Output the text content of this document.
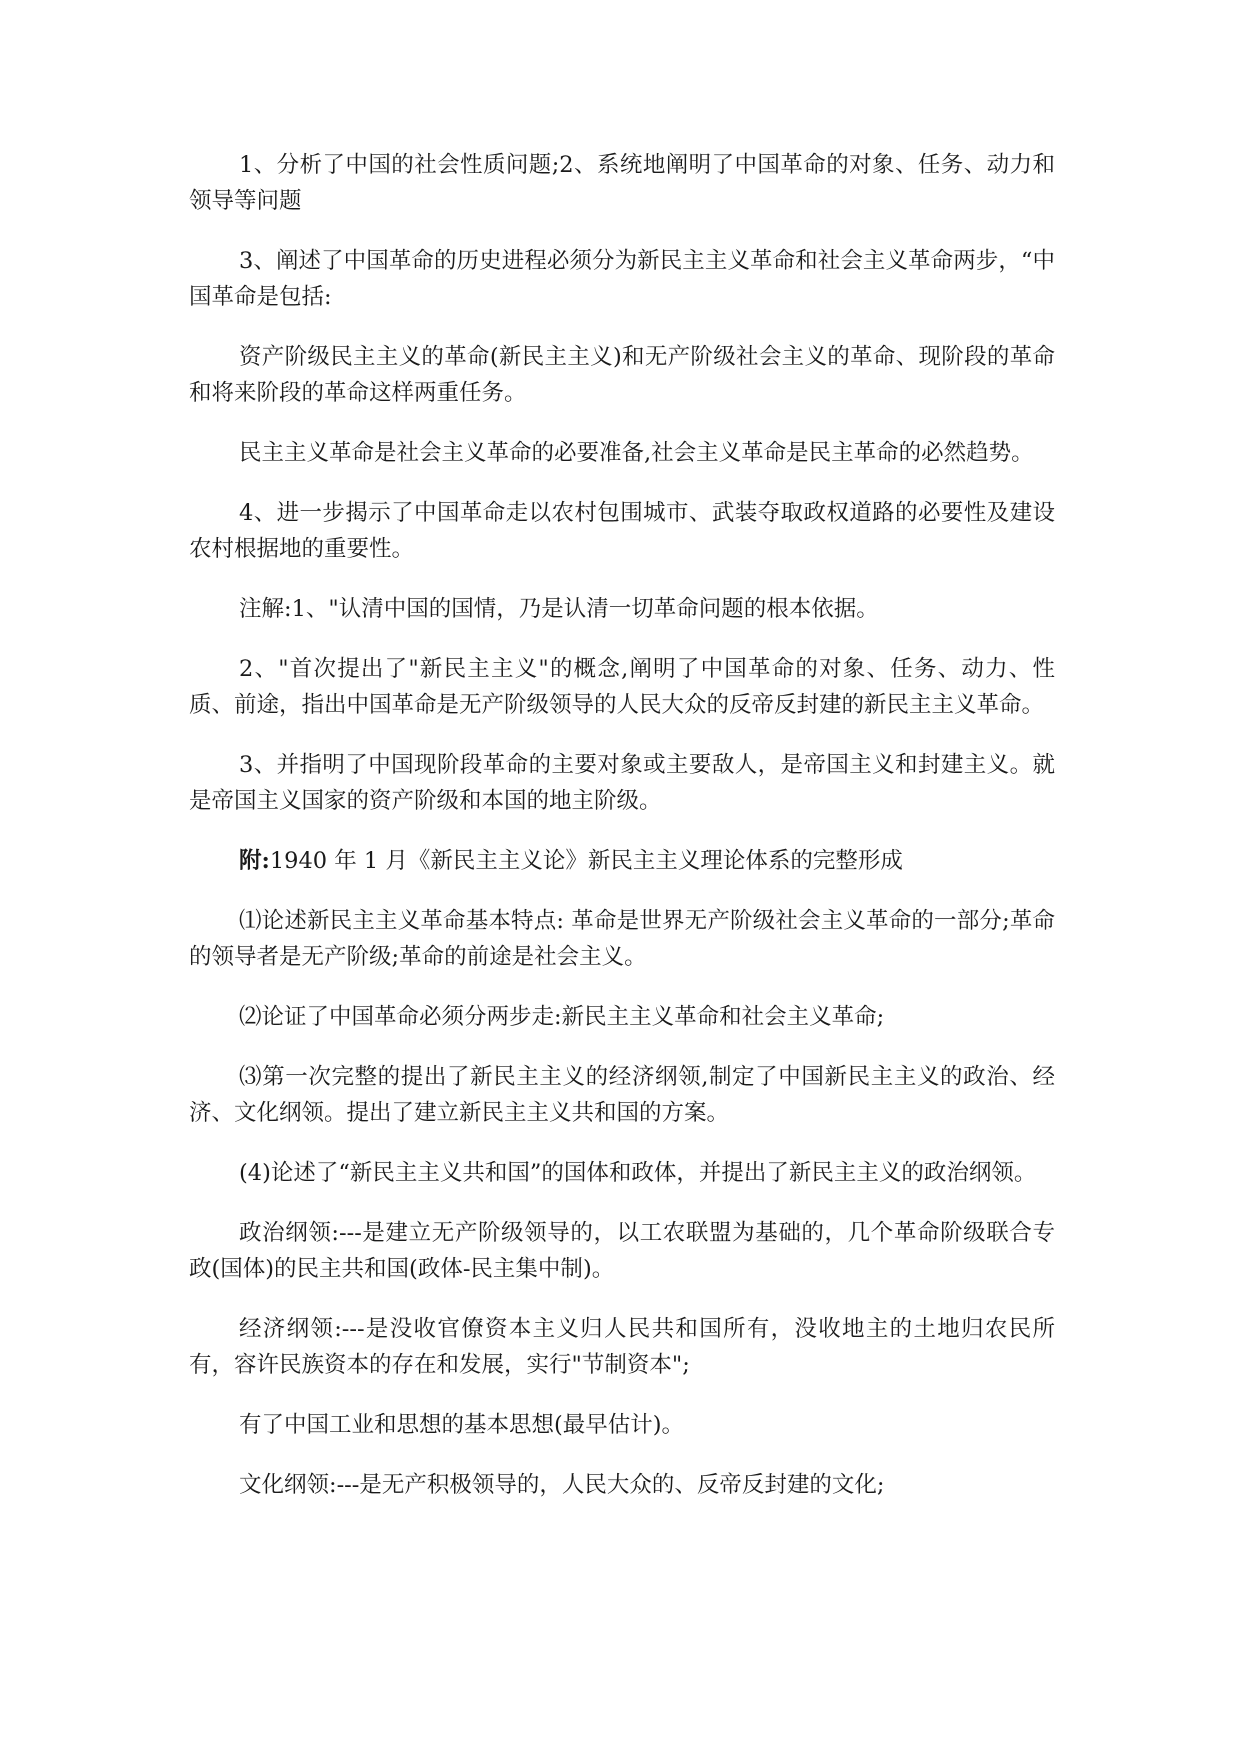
1、分析了中国的社会性质问题;2、系统地阐明了中国革命的对象、任务、动力和领导等问题

3、阐述了中国革命的历史进程必须分为新民主主义革命和社会主义革命两步，“中国革命是包括:

资产阶级民主主义的革命(新民主主义)和无产阶级社会主义的革命、现阶段的革命和将来阶段的革命这样两重任务。

民主主义革命是社会主义革命的必要准备,社会主义革命是民主革命的必然趋势。

4、进一步揭示了中国革命走以农村包围城市、武装夺取政权道路的必要性及建设农村根据地的重要性。

注解:1、"认清中国的国情，乃是认清一切革命问题的根本依据。

2、"首次提出了"新民主主义"的概念,阐明了中国革命的对象、任务、动力、性质、前途，指出中国革命是无产阶级领导的人民大众的反帝反封建的新民主主义革命。

3、并指明了中国现阶段革命的主要对象或主要敌人，是帝国主义和封建主义。就是帝国主义国家的资产阶级和本国的地主阶级。

附:1940 年 1 月《新民主主义论》新民主主义理论体系的完整形成

⑴论述新民主主义革命基本特点: 革命是世界无产阶级社会主义革命的一部分;革命的领导者是无产阶级;革命的前途是社会主义。

⑵论证了中国革命必须分两步走:新民主主义革命和社会主义革命;

⑶第一次完整的提出了新民主主义的经济纲领,制定了中国新民主主义的政治、经济、文化纲领。提出了建立新民主主义共和国的方案。

(4)论述了“新民主主义共和国”的国体和政体，并提出了新民主主义的政治纲领。

政治纲领:---是建立无产阶级领导的，以工农联盟为基础的，几个革命阶级联合专政(国体)的民主共和国(政体-民主集中制)。

经济纲领:---是没收官僚资本主义归人民共和国所有，没收地主的土地归农民所有，容许民族资本的存在和发展，实行"节制资本";

有了中国工业和思想的基本思想(最早估计)。

文化纲领:---是无产积极领导的，人民大众的、反帝反封建的文化;
